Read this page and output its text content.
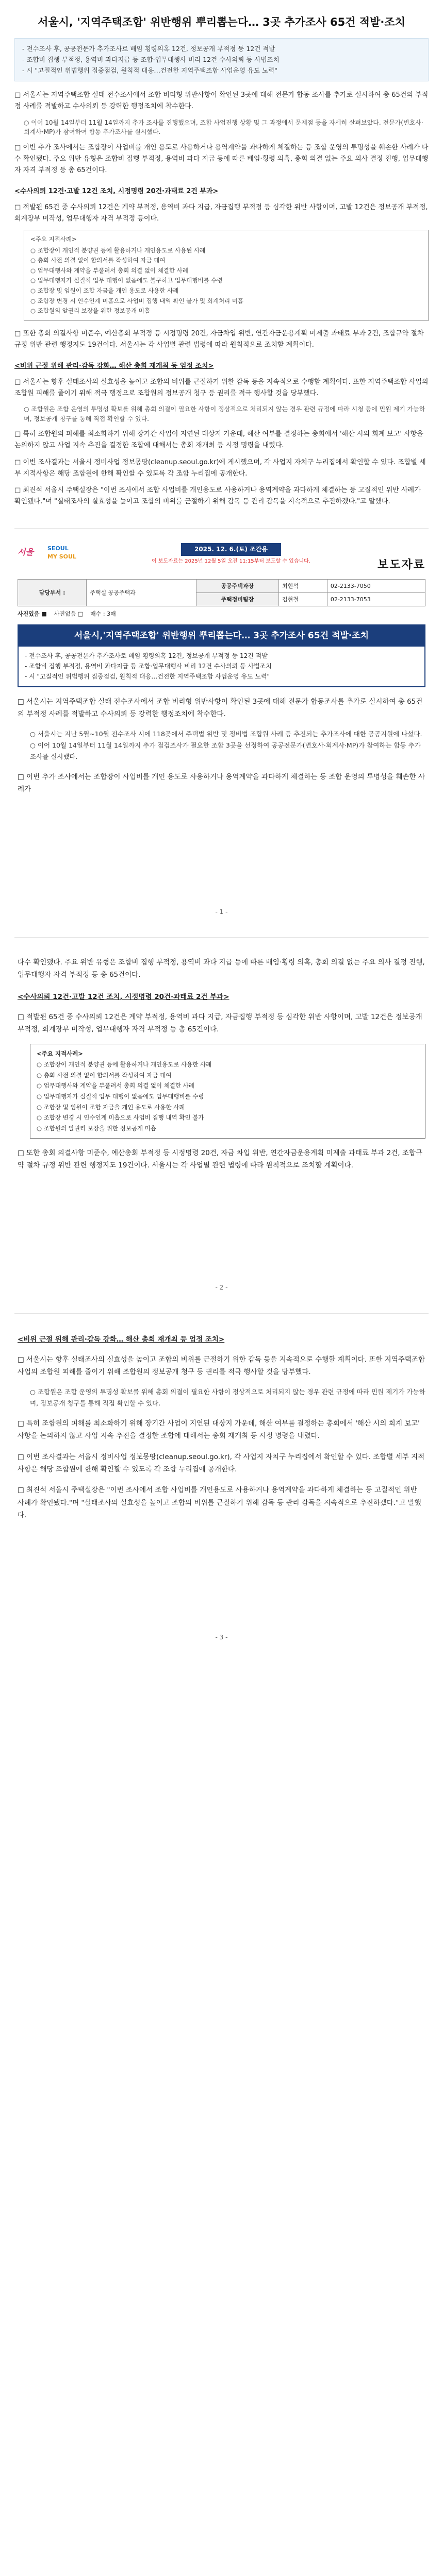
서울시, '지역주택조합' 위반행위 뿌리뽑는다… 3곳 추가조사 65건 적발·조치

- 전수조사 후, 공공전문가 추가조사로 배임 횡령의혹 12건, 정보공개 부적정 등 12건 적발

- 조합비 집행 부적정, 용역비 과다지급 등 조합·업무대행사 비리 12건 수사의뢰 등 사법조치

- 시 "고질적인 위법행위 집중점검, 원칙적 대응…건전한 지역주택조합 사업운영 유도 노력"

□ 서울시는 지역주택조합 실태 전수조사에서 조합 비리형 위반사항이 확인된 3곳에 대해 전문가 합동 조사를 추가로 실시하여 총 65건의 부적정 사례를 적발하고 수사의뢰 등 강력한 행정조치에 착수한다.

○ 이어 10월 14일부터 11월 14일까지 추가 조사를 진행했으며, 조합 사업진행 상황 및 그 과정에서 문제점 등을 자세히 살펴보았다. 전문가(변호사·회계사·MP)가 참여하여 합동 추가조사를 실시했다.

□ 이번 추가 조사에서는 조합장이 사업비를 개인 용도로 사용하거나 용역계약을 과다하게 체결하는 등 조합 운영의 투명성을 훼손한 사례가 다수 확인됐다. 주요 위반 유형은 조합비 집행 부적정, 용역비 과다 지급 등에 따른 배임·횡령 의혹, 총회 의결 없는 주요 의사 결정 진행, 업무대행자 자격 부적정 등 총 65건이다.

<수사의뢰 12건·고발 12건 조치, 시정명령 20건·과태료 2건 부과>

□ 적발된 65건 중 수사의뢰 12건은 계약 부적정, 용역비 과다 지급, 자금집행 부적정 등 심각한 위반 사항이며, 고발 12건은 정보공개 부적정, 회계장부 미작성, 업무대행자 자격 부적정 등이다.

<주요 지적사례>
○ 조합장이 개인적 분양권 등에 활용하거나 개인용도로 사용된 사례
○ 총회 사전 의결 없이 합의서를 작성하여 자금 대여
○ 업무대행사와 계약을 부풀려서 총회 의결 없이 체결한 사례
○ 업무대행자가 실질적 업무 대행이 없음에도 불구하고 업무대행비를 수령
○ 조합장 및 임원이 조합 자금을 개인 용도로 사용한 사례
○ 조합장 변경 시 인수인계 미흡으로 사업비 집행 내역 확인 불가 및 회계처리 미흡
○ 조합원의 알권리 보장을 위한 정보공개 미흡

□ 또한 총회 의결사항 미준수, 예산총회 부적정 등 시정명령 20건, 자금차입 위반, 연간자금운용계획 미제출 과태료 부과 2건, 조합규약 절차 규정 위반 관련 행정지도 19건이다. 서울시는 각 사업별 관련 법령에 따라 원칙적으로 조치할 계획이다.

<비위 근절 위해 관리·감독 강화… 해산 총회 재개최 등 엄정 조치>

□ 서울시는 향후 실태조사의 실효성을 높이고 조합의 비위를 근절하기 위한 감독 등을 지속적으로 수행할 계획이다. 또한 지역주택조합 사업의 조합원 피해를 줄이기 위해 적극 행정으로 조합원의 정보공개 청구 등 권리를 적극 행사할 것을 당부했다.

○ 조합원은 조합 운영의 투명성 확보를 위해 총회 의결이 필요한 사항이 정상적으로 처리되지 않는 경우 관련 규정에 따라 시청 등에 민원 제기 가능하며, 정보공개 청구를 통해 직접 확인할 수 있다.

□ 특히 조합원의 피해를 최소화하기 위해 장기간 사업이 지연된 대상지 가운데, 해산 여부를 결정하는 총회에서 '해산 시의 회계 보고' 사항을 논의하지 않고 사업 지속 추진을 결정한 조합에 대해서는 총회 재개최 등 시정 명령을 내렸다.

□ 이번 조사결과는 서울시 정비사업 정보몽땅(cleanup.seoul.go.kr)에 게시했으며, 각 사업지 자치구 누리집에서 확인할 수 있다. 조합별 세부 지적사항은 해당 조합원에 한해 확인할 수 있도록 각 조합 누리집에 공개한다.

□ 최진석 서울시 주택실장은 "이번 조사에서 조합 사업비를 개인용도로 사용하거나 용역계약을 과다하게 체결하는 등 고질적인 위반 사례가 확인됐다."며 "실태조사의 실효성을 높이고 조합의 비위를 근절하기 위해 감독 등 관리 감독을 지속적으로 추진하겠다."고 말했다.

서울 SEOUL
MY SOUL
2025. 12. 6.(토) 조간용
이 보도자료는 2025년 12월 5일 오전 11:15부터 보도할 수 있습니다.	보도자료
담당부서 :	주택실 공공주택과	공공주택과장	최현석	02-2133-7050
		주택정비팀장	김현철	02-2133-7053
사진있음 ■ 사진없음 □ 매수 : 3매
서울시,'지역주택조합' 위반행위 뿌리뽑는다… 3곳 추가조사 65건 적발·조치
- 전수조사 후, 공공전문가 추가조사로 배임 횡령의혹 12건, 정보공개 부적정 등 12건 적발
- 조합비 집행 부적정, 용역비 과다지급 등 조합·업무대행사 비리 12건 수사의뢰 등 사법조치
- 시 "고질적인 위법행위 집중점검, 원칙적 대응…건전한 지역주택조합 사업운영 유도 노력"

□ 서울시는 지역주택조합 실태 전수조사에서 조합 비리형 위반사항이 확인된 3곳에 대해 전문가 합동조사를 추가로 실시하여 총 65건의 부적정 사례를 적발하고 수사의뢰 등 강력한 행정조치에 착수한다.

○ 서울시는 지난 5월~10월 전수조사 시에 118곳에서 주택법 위반 및 정비법 조합원 사례 등 추진되는 추가조사에 대한 공공지원에 나섰다.

○ 이어 10월 14일부터 11월 14일까지 추가 점검조사가 필요한 조합 3곳을 선정하여 공공전문가(변호사·회계사·MP)가 참여하는 합동 추가조사를 실시했다.

□ 이번 추가 조사에서는 조합장이 사업비를 개인 용도로 사용하거나 용역계약을 과다하게 체결하는 등 조합 운영의 투명성을 훼손한 사례가

- 1 -

다수 확인됐다. 주요 위반 유형은 조합비 집행 부적정, 용역비 과다 지급 등에 따른 배임·횡령 의혹, 총회 의결 없는 주요 의사 결정 진행, 업무대행자 자격 부적정 등 총 65건이다.

<수사의뢰 12건·고발 12건 조치, 시정명령 20건·과태료 2건 부과>

□ 적발된 65건 중 수사의뢰 12건은 계약 부적정, 용역비 과다 지급, 자금집행 부적정 등 심각한 위반 사항이며, 고발 12건은 정보공개 부적정, 회계장부 미작성, 업무대행자 자격 부적정 등 총 65건이다.

<주요 지적사례>
○ 조합장이 개인적 분양권 등에 활용하거나 개인용도로 사용한 사례
○ 총회 사전 의결 없이 합의서를 작성하여 자금 대여
○ 업무대행사와 계약을 부풀려서 총회 의결 없이 체결한 사례
○ 업무대행자가 실질적 업무 대행이 없음에도 업무대행비를 수령
○ 조합장 및 임원이 조합 자금을 개인 용도로 사용한 사례
○ 조합장 변경 시 인수인계 미흡으로 사업비 집행 내역 확인 불가
○ 조합원의 알권리 보장을 위한 정보공개 미흡

□ 또한 총회 의결사항 미준수, 예산총회 부적정 등 시정명령 20건, 자금 차입 위반, 연간자금운용계획 미제출 과태료 부과 2건, 조합규약 절차 규정 위반 관련 행정지도 19건이다. 서울시는 각 사업별 관련 법령에 따라 원칙적으로 조치할 계획이다.

- 2 -

<비위 근절 위해 관리·감독 강화… 해산 총회 재개최 등 엄정 조치>

□ 서울시는 향후 실태조사의 실효성을 높이고 조합의 비위를 근절하기 위한 감독 등을 지속적으로 수행할 계획이다. 또한 지역주택조합 사업의 조합원 피해를 줄이기 위해 조합원의 정보공개 청구 등 권리를 적극 행사할 것을 당부했다.

○ 조합원은 조합 운영의 투명성 확보를 위해 총회 의결이 필요한 사항이 정상적으로 처리되지 않는 경우 관련 규정에 따라 민원 제기가 가능하며, 정보공개 청구를 통해 직접 확인할 수 있다.

□ 특히 조합원의 피해를 최소화하기 위해 장기간 사업이 지연된 대상지 가운데, 해산 여부를 결정하는 총회에서 '해산 시의 회계 보고' 사항을 논의하지 않고 사업 지속 추진을 결정한 조합에 대해서는 총회 재개최 등 시정 명령을 내렸다.

□ 이번 조사결과는 서울시 정비사업 정보몽땅(cleanup.seoul.go.kr), 각 사업지 자치구 누리집에서 확인할 수 있다. 조합별 세부 지적사항은 해당 조합원에 한해 확인할 수 있도록 각 조합 누리집에 공개한다.

□ 최진석 서울시 주택실장은 "이번 조사에서 조합 사업비를 개인용도로 사용하거나 용역계약을 과다하게 체결하는 등 고질적인 위반 사례가 확인됐다."며 "실태조사의 실효성을 높이고 조합의 비위를 근절하기 위해 감독 등 관리 감독을 지속적으로 추진하겠다."고 말했다.

- 3 -
